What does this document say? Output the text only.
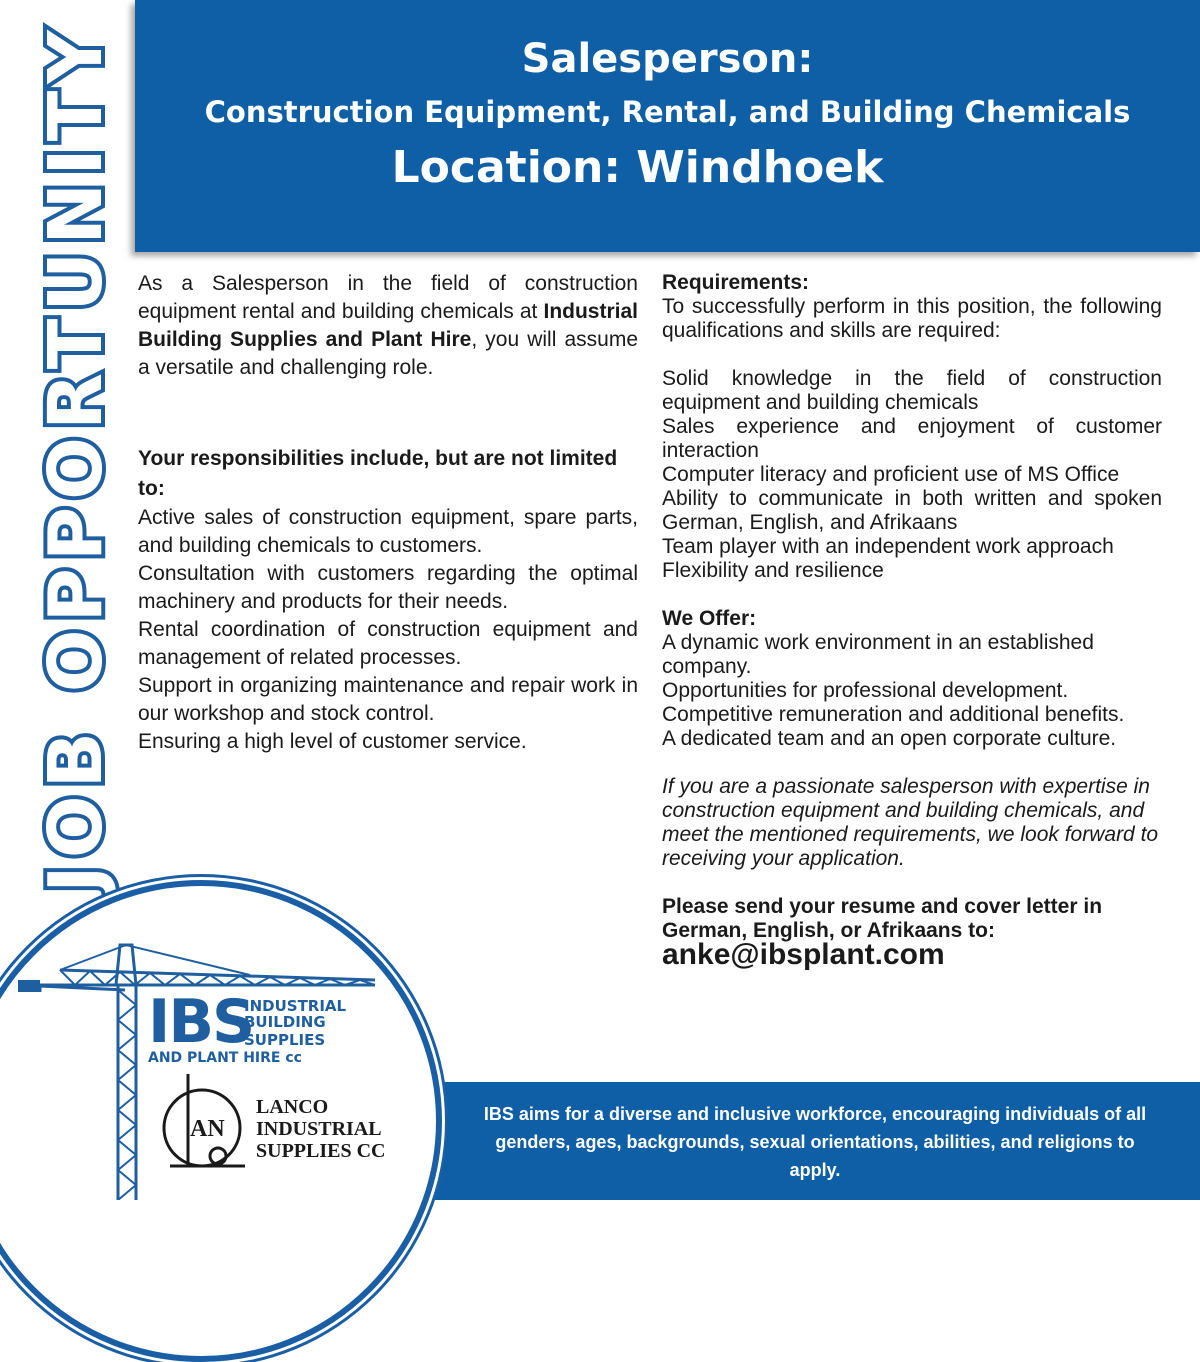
JOB OPPORTUNITY	Salesperson:
Construction Equipment, Rental, and Building Chemicals
Location: Windhoek

As a Salesperson in the field of construction equipment rental and building chemicals at Industrial Building Supplies and Plant Hire, you will assume a versatile and challenging role.

Your responsibilities include, but are not limited to:

Active sales of construction equipment, spare parts, and building chemicals to customers.

Consultation with customers regarding the optimal machinery and products for their needs.

Rental coordination of construction equipment and management of related processes.

Support in organizing maintenance and repair work in our workshop and stock control.

Ensuring a high level of customer service.

Requirements:

To successfully perform in this position, the following qualifications and skills are required:

Solid knowledge in the field of construction equipment and building chemicals

Sales experience and enjoyment of customer interaction

Computer literacy and proficient use of MS Office

Ability to communicate in both written and spoken German, English, and Afrikaans

Team player with an independent work approach

Flexibility and resilience

We Offer:

A dynamic work environment in an established company.

Opportunities for professional development.

Competitive remuneration and additional benefits.

A dedicated team and an open corporate culture.

If you are a passionate salesperson with expertise in construction equipment and building chemicals, and meet the mentioned requirements, we look forward to receiving your application.

Please send your resume and cover letter in German, English, or Afrikaans to:

anke@ibsplant.com

IBS aims for a diverse and inclusive workforce, encouraging individuals of all genders, ages, backgrounds, sexual orientations, abilities, and religions to apply.
IBS
INDUSTRIAL
BUILDING
SUPPLIES
AND PLANT HIRE cc
AN
LANCO
INDUSTRIAL
SUPPLIES CC
